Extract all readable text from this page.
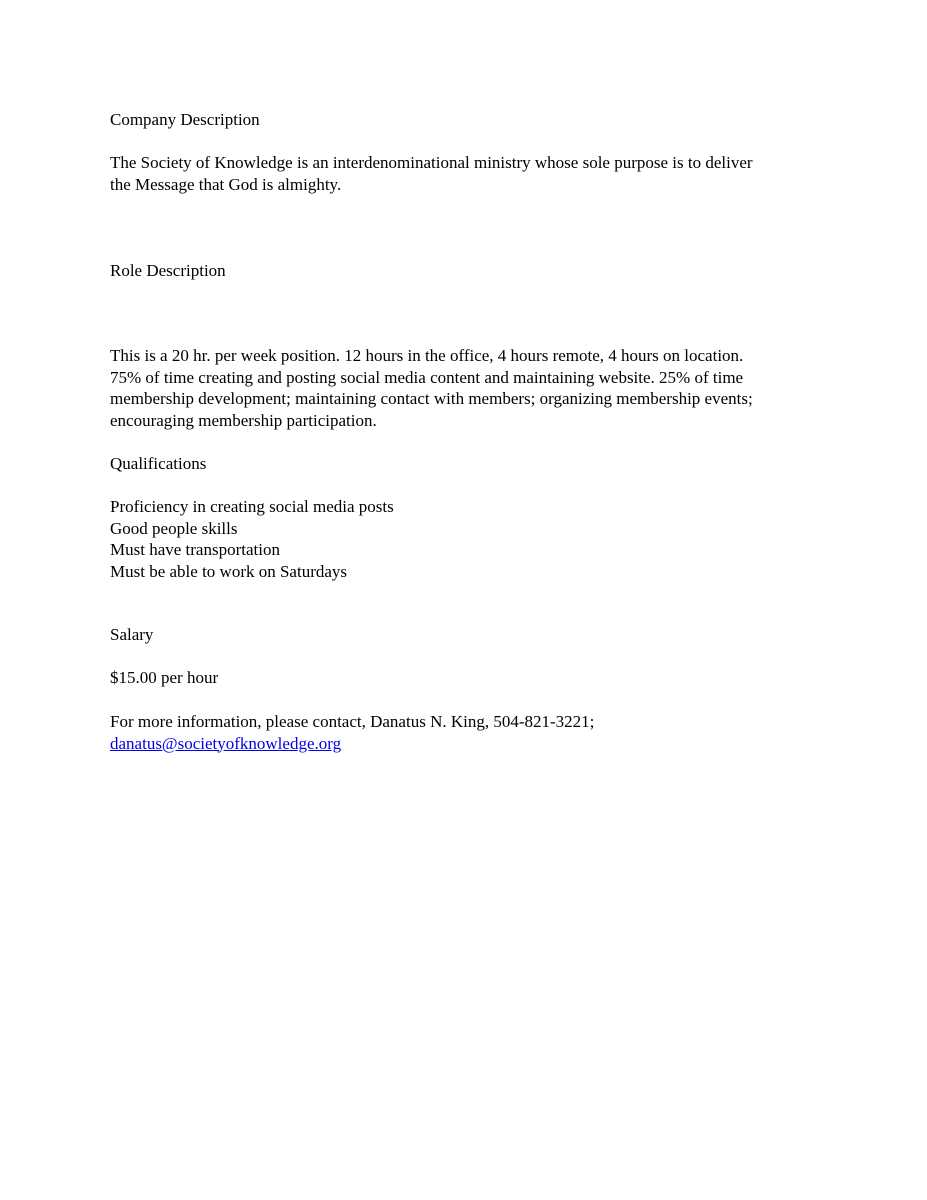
Company Description

The Society of Knowledge is an interdenominational ministry whose sole purpose is to deliver
the Message that God is almighty.

Role Description

This is a 20 hr. per week position. 12 hours in the office, 4 hours remote, 4 hours on location.
75% of time creating and posting social media content and maintaining website. 25% of time
membership development; maintaining contact with members; organizing membership events;
encouraging membership participation.

Qualifications

Proficiency in creating social media posts
Good people skills
Must have transportation
Must be able to work on Saturdays

Salary

$15.00 per hour

For more information, please contact, Danatus N. King, 504-821-3221;
danatus@societyofknowledge.org
